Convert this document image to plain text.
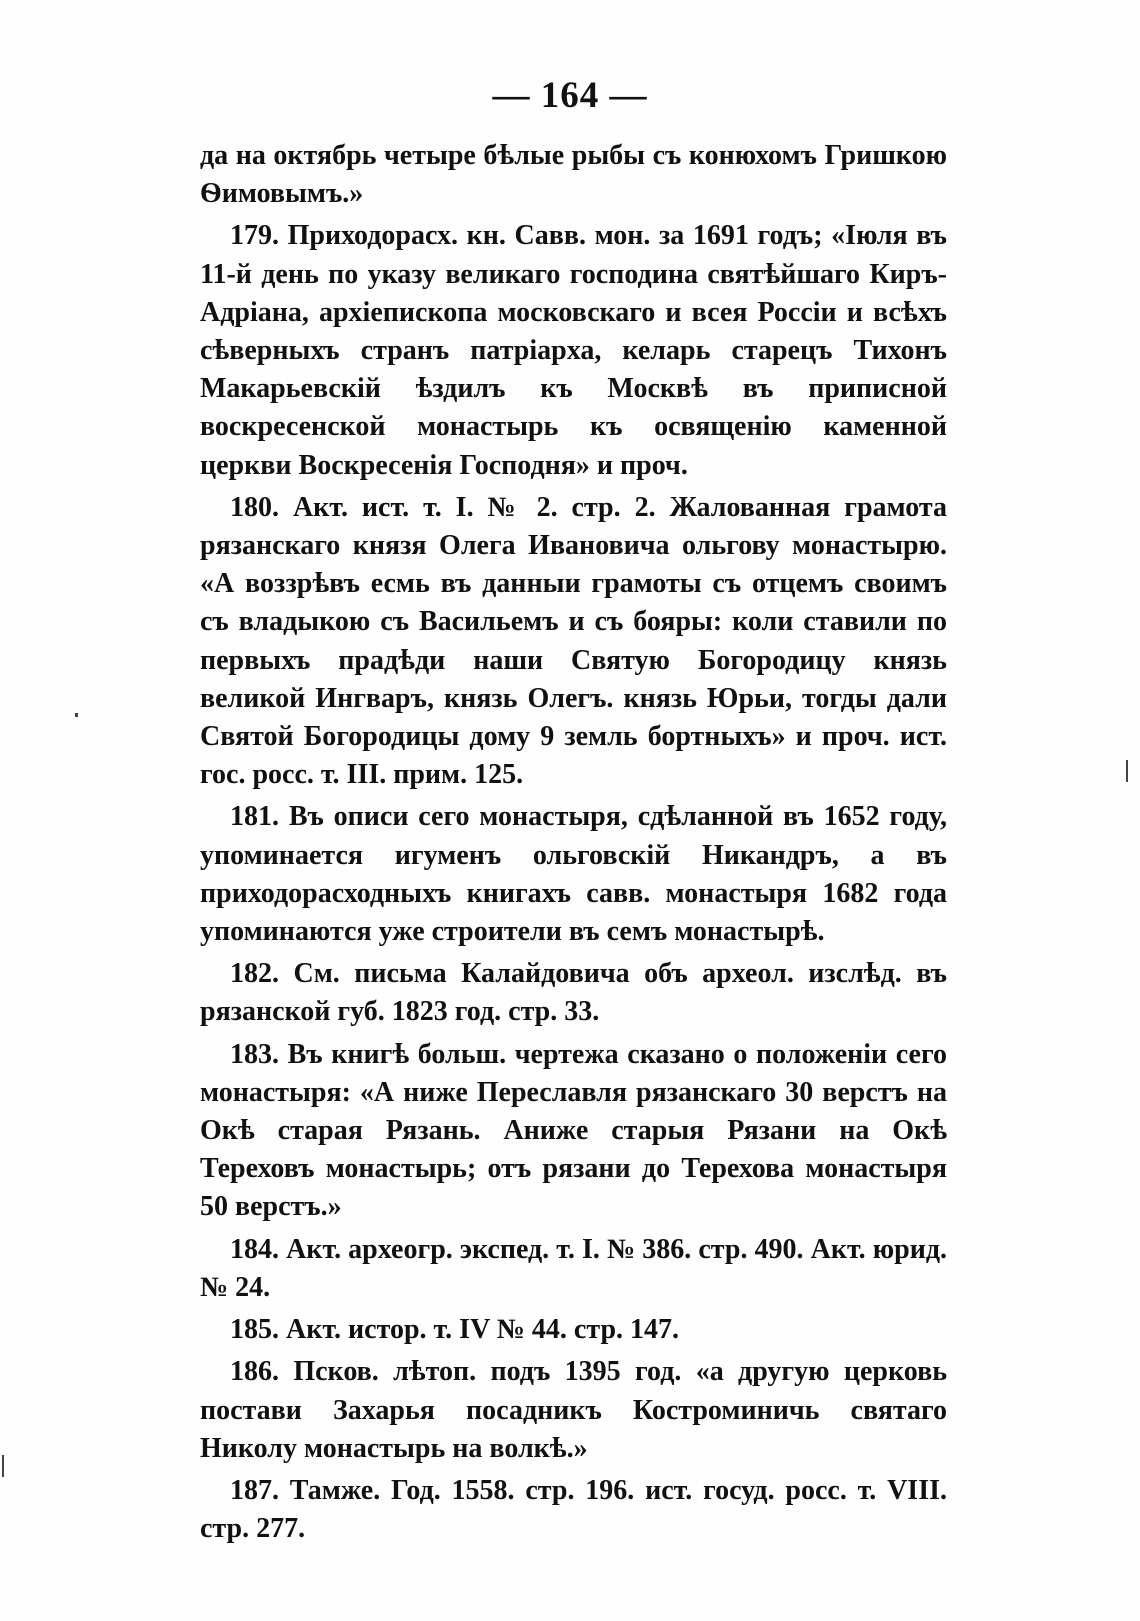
— 164 —

да на октябрь четыре бѣлые рыбы съ конюхомъ Гришкою Ѳимовымъ.»

179. Приходорасх. кн. Савв. мон. за 1691 годъ; «Іюля въ 11-й день по указу великаго господина святѣйшаго Киръ-Адріана, архіепископа московскаго и всея Россіи и всѣхъ сѣверныхъ странъ патріарха, келарь старецъ Тихонъ Макарьевскій ѣздилъ къ Москвѣ въ приписной воскресенской монастырь къ освященію каменной церкви Воскресенія Господня» и проч.

180. Акт. ист. т. I. № 2. стр. 2. Жалованная грамота рязанскаго князя Олега Ивановича ольгову монастырю. «А воззрѣвъ есмь въ данныи грамоты съ отцемъ своимъ съ владыкою съ Васильемъ и съ бояры: коли ставили по первыхъ прадѣди наши Святую Богородицу князь великой Ингваръ, князь Олегъ. князь Юрьи, тогды дали Святой Богородицы дому 9 земль бортныхъ» и проч. ист. гос. росс. т. III. прим. 125.

181. Въ описи сего монастыря, сдѣланной въ 1652 году, упоминается игуменъ ольговскій Никандръ, а въ приходорасходныхъ книгахъ савв. монастыря 1682 года упоминаются уже строители въ семъ монастырѣ.

182. См. письма Калайдовича объ археол. изслѣд. въ рязанской губ. 1823 год. стр. 33.

183. Въ книгѣ больш. чертежа сказано о положеніи сего монастыря: «А ниже Переславля рязанскаго 30 верстъ на Окѣ старая Рязань. Аниже старыя Рязани на Окѣ Тереховъ монастырь; отъ рязани до Терехова монастыря 50 верстъ.»

184. Акт. археогр. экспед. т. I. № 386. стр. 490. Акт. юрид. № 24.

185. Акт. истор. т. IV № 44. стр. 147.

186. Псков. лѣтоп. подъ 1395 год. «а другую церковь постави Захарья посадникъ Костроминичь святаго Николу монастырь на волкѣ.»

187. Тамже. Год. 1558. стр. 196. ист. госуд. росс. т. VIII. стр. 277.
